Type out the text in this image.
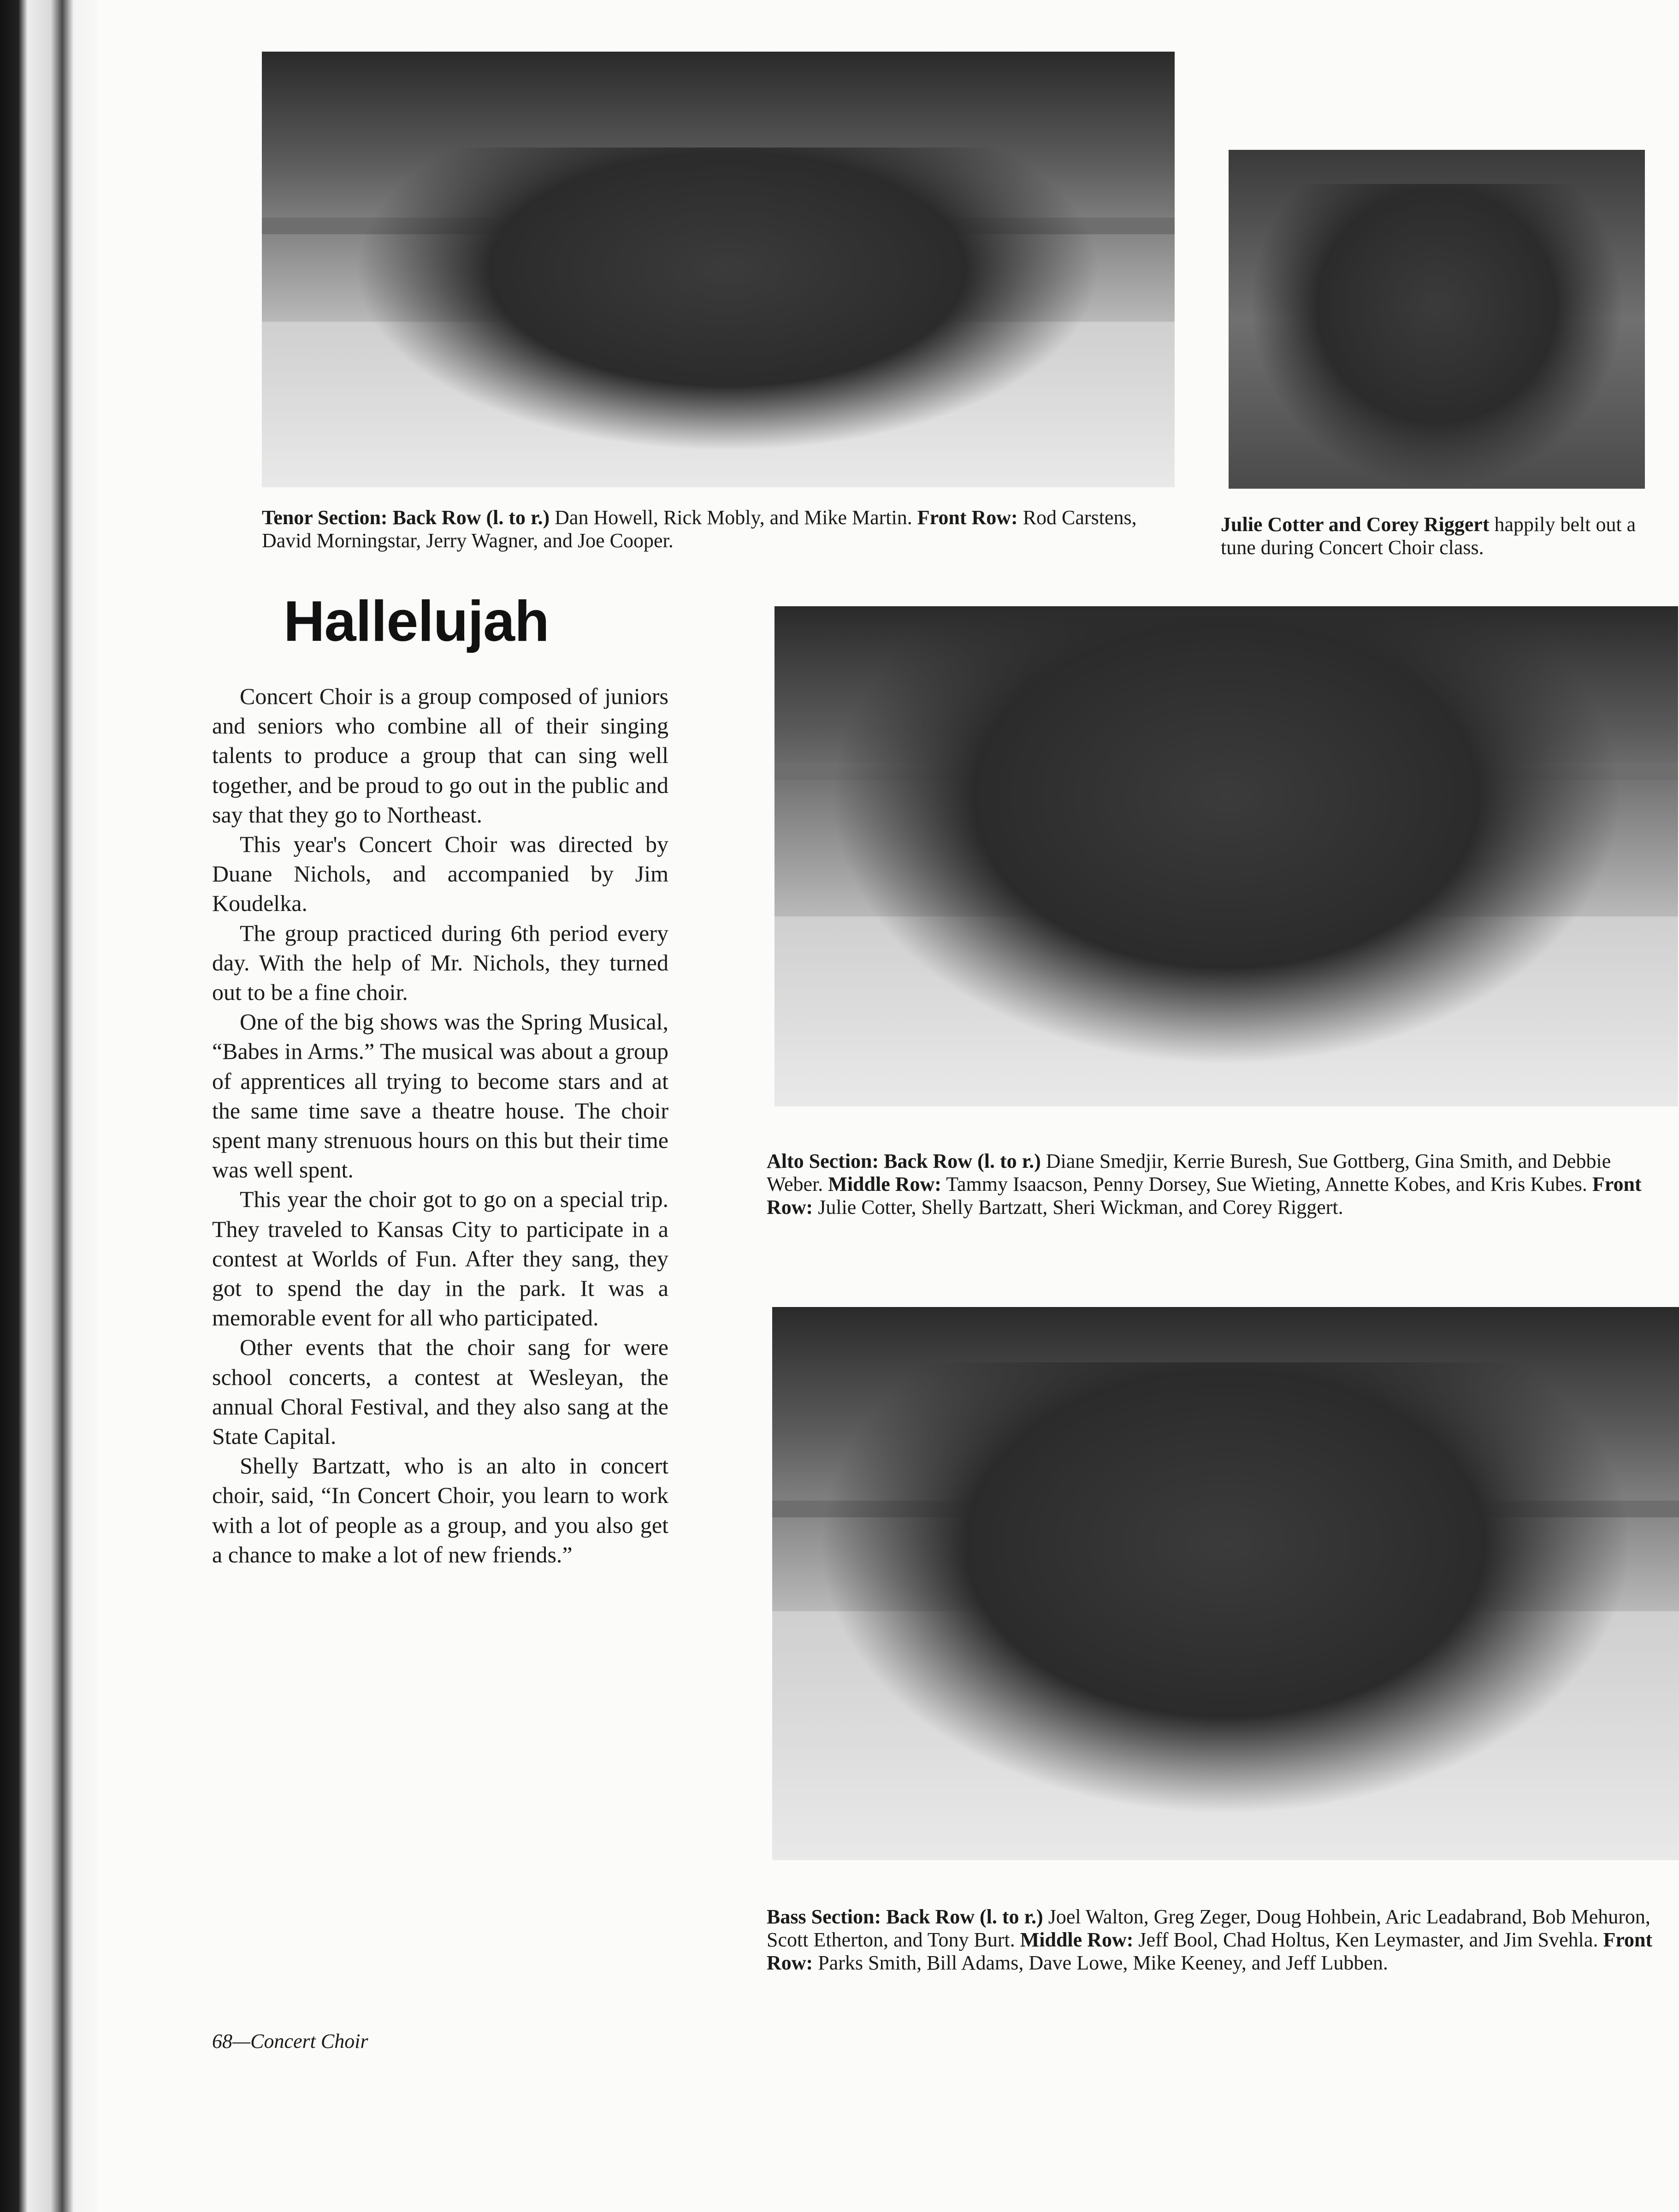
Tenor Section: Back Row (l. to r.) Dan Howell, Rick Mobly, and Mike Martin. Front Row: Rod Carstens, David Morningstar, Jerry Wagner, and Joe Cooper.

Julie Cotter and Corey Riggert happily belt out a tune during Concert Choir class.

Hallelujah

Concert Choir is a group composed of juniors and seniors who combine all of their singing talents to produce a group that can sing well together, and be proud to go out in the public and say that they go to Northeast.

This year's Concert Choir was directed by Duane Nichols, and accompanied by Jim Koudelka.

The group practiced during 6th period every day. With the help of Mr. Nichols, they turned out to be a fine choir.

One of the big shows was the Spring Musical, “Babes in Arms.” The musical was about a group of apprentices all trying to become stars and at the same time save a theatre house. The choir spent many strenuous hours on this but their time was well spent.

This year the choir got to go on a special trip. They traveled to Kansas City to participate in a contest at Worlds of Fun. After they sang, they got to spend the day in the park. It was a memorable event for all who participated.

Other events that the choir sang for were school concerts, a contest at Wesleyan, the annual Choral Festival, and they also sang at the State Capital.

Shelly Bartzatt, who is an alto in concert choir, said, “In Concert Choir, you learn to work with a lot of people as a group, and you also get a chance to make a lot of new friends.”

Alto Section: Back Row (l. to r.) Diane Smedjir, Kerrie Buresh, Sue Gottberg, Gina Smith, and Debbie Weber. Middle Row: Tammy Isaacson, Penny Dorsey, Sue Wieting, Annette Kobes, and Kris Kubes. Front Row: Julie Cotter, Shelly Bartzatt, Sheri Wickman, and Corey Riggert.

Bass Section: Back Row (l. to r.) Joel Walton, Greg Zeger, Doug Hohbein, Aric Leadabrand, Bob Mehuron, Scott Etherton, and Tony Burt. Middle Row: Jeff Bool, Chad Holtus, Ken Leymaster, and Jim Svehla. Front Row: Parks Smith, Bill Adams, Dave Lowe, Mike Keeney, and Jeff Lubben.

68—Concert Choir
